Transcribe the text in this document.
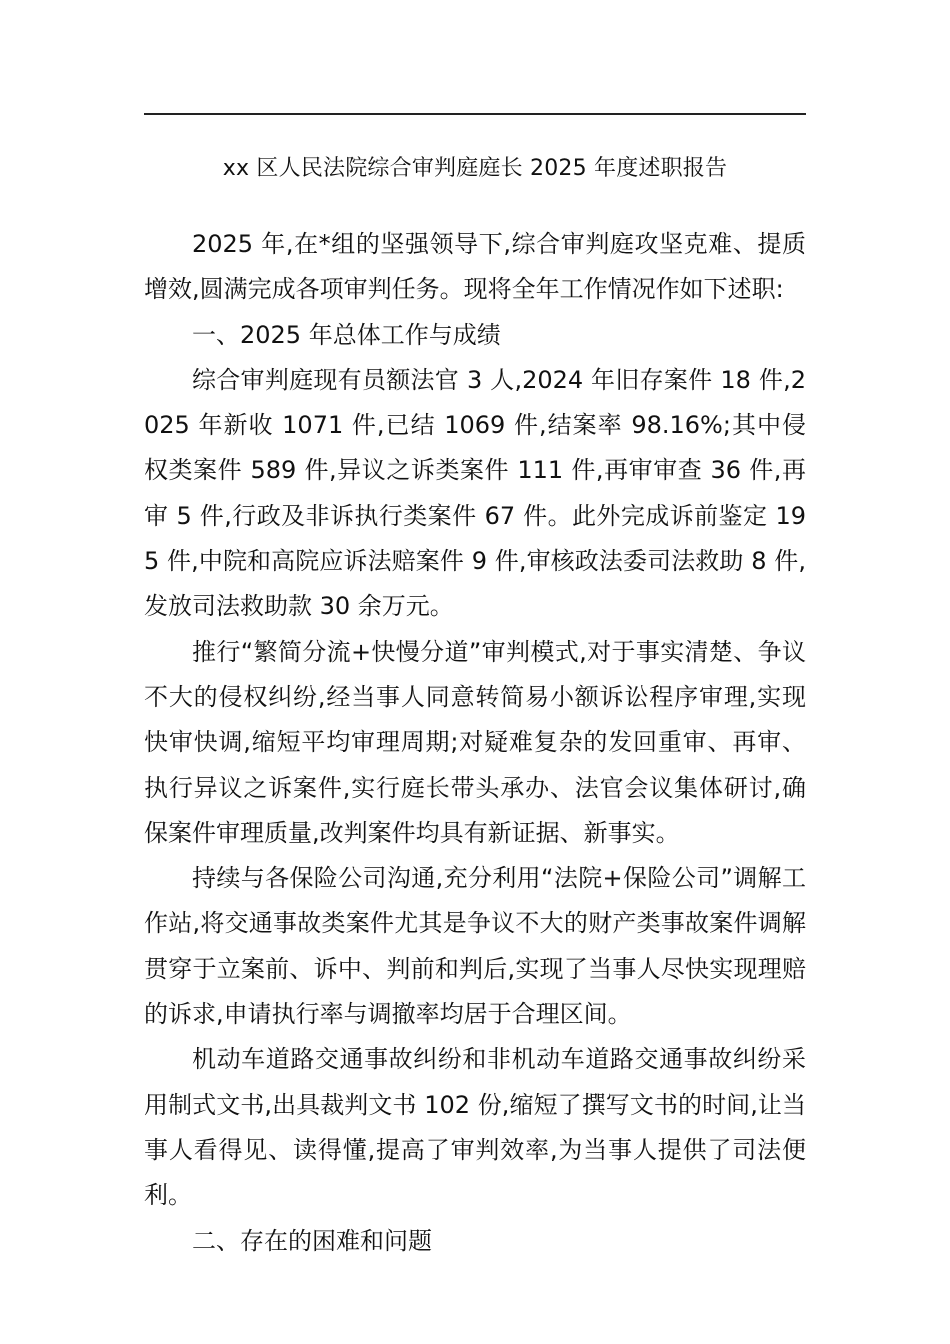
xx 区人民法院综合审判庭庭长 2025 年度述职报告

2025 年,在*组的坚强领导下,综合审判庭攻坚克难、提质增效,圆满完成各项审判任务。现将全年工作情况作如下述职:

一、2025 年总体工作与成绩

综合审判庭现有员额法官 3 人,2024 年旧存案件 18 件,2025 年新收 1071 件,已结 1069 件,结案率 98.16%;其中侵权类案件 589 件,异议之诉类案件 111 件,再审审查 36 件,再审 5 件,行政及非诉执行类案件 67 件。此外完成诉前鉴定 195 件,中院和高院应诉法赔案件 9 件,审核政法委司法救助 8 件,发放司法救助款 30 余万元。

推行“繁简分流+快慢分道”审判模式,对于事实清楚、争议不大的侵权纠纷,经当事人同意转简易小额诉讼程序审理,实现快审快调,缩短平均审理周期;对疑难复杂的发回重审、再审、执行异议之诉案件,实行庭长带头承办、法官会议集体研讨,确保案件审理质量,改判案件均具有新证据、新事实。

持续与各保险公司沟通,充分利用“法院+保险公司”调解工作站,将交通事故类案件尤其是争议不大的财产类事故案件调解贯穿于立案前、诉中、判前和判后,实现了当事人尽快实现理赔的诉求,申请执行率与调撤率均居于合理区间。

机动车道路交通事故纠纷和非机动车道路交通事故纠纷采用制式文书,出具裁判文书 102 份,缩短了撰写文书的时间,让当事人看得见、读得懂,提高了审判效率,为当事人提供了司法便利。

二、存在的困难和问题
